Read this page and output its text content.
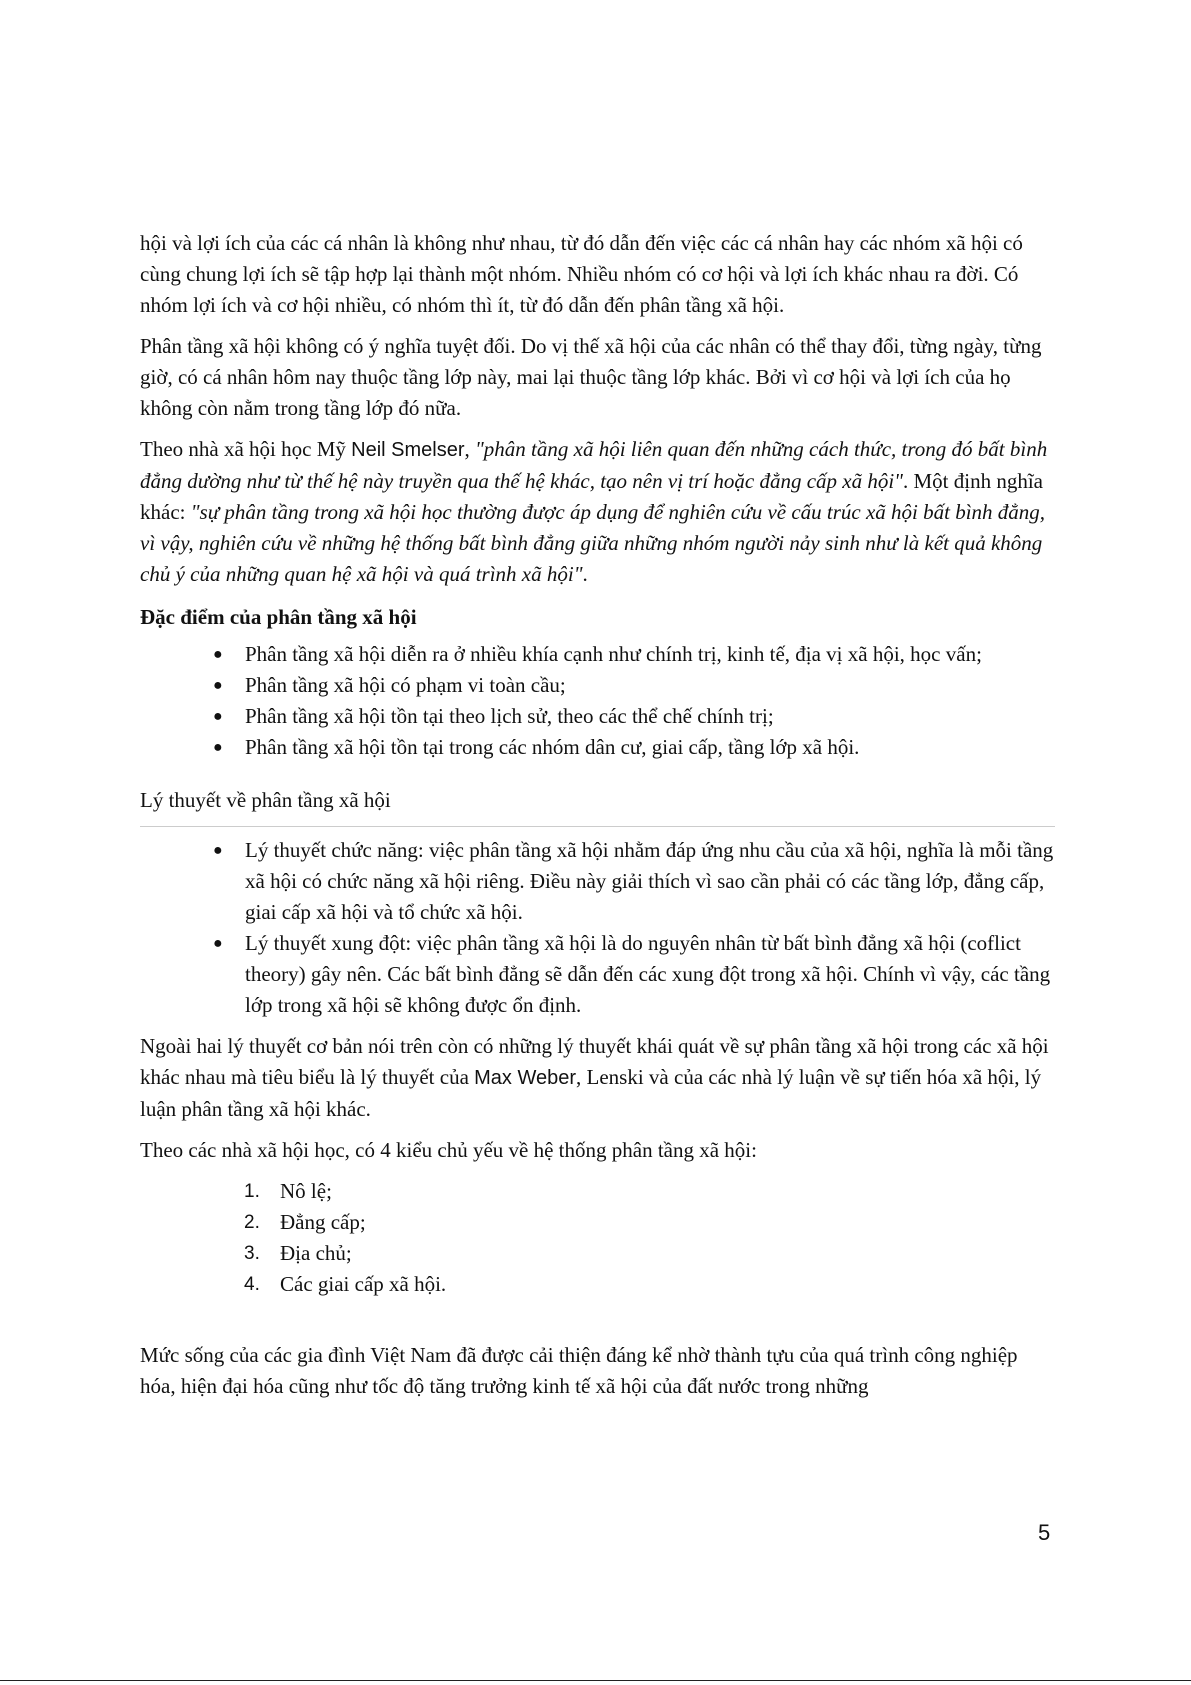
hội và lợi ích của các cá nhân là không như nhau, từ đó dẫn đến việc các cá nhân hay các nhóm xã hội có cùng chung lợi ích sẽ tập hợp lại thành một nhóm. Nhiều nhóm có cơ hội và lợi ích khác nhau ra đời. Có nhóm lợi ích và cơ hội nhiều, có nhóm thì ít, từ đó dẫn đến phân tầng xã hội.

Phân tầng xã hội không có ý nghĩa tuyệt đối. Do vị thế xã hội của các nhân có thể thay đổi, từng ngày, từng giờ, có cá nhân hôm nay thuộc tầng lớp này, mai lại thuộc tầng lớp khác. Bởi vì cơ hội và lợi ích của họ không còn nằm trong tầng lớp đó nữa.

Theo nhà xã hội học Mỹ Neil Smelser, "phân tầng xã hội liên quan đến những cách thức, trong đó bất bình đẳng dường như từ thế hệ này truyền qua thế hệ khác, tạo nên vị trí hoặc đẳng cấp xã hội". Một định nghĩa khác: "sự phân tầng trong xã hội học thường được áp dụng để nghiên cứu về cấu trúc xã hội bất bình đẳng, vì vậy, nghiên cứu về những hệ thống bất bình đẳng giữa những nhóm người nảy sinh như là kết quả không chủ ý của những quan hệ xã hội và quá trình xã hội".

Đặc điểm của phân tầng xã hội
● Phân tầng xã hội diễn ra ở nhiều khía cạnh như chính trị, kinh tế, địa vị xã hội, học vấn;
● Phân tầng xã hội có phạm vi toàn cầu;
● Phân tầng xã hội tồn tại theo lịch sử, theo các thể chế chính trị;
● Phân tầng xã hội tồn tại trong các nhóm dân cư, giai cấp, tầng lớp xã hội.
Lý thuyết về phân tầng xã hội
● Lý thuyết chức năng: việc phân tầng xã hội nhằm đáp ứng nhu cầu của xã hội, nghĩa là mỗi tầng xã hội có chức năng xã hội riêng. Điều này giải thích vì sao cần phải có các tầng lớp, đẳng cấp, giai cấp xã hội và tổ chức xã hội.
● Lý thuyết xung đột: việc phân tầng xã hội là do nguyên nhân từ bất bình đẳng xã hội (coflict theory) gây nên. Các bất bình đẳng sẽ dẫn đến các xung đột trong xã hội. Chính vì vậy, các tầng lớp trong xã hội sẽ không được ổn định.

Ngoài hai lý thuyết cơ bản nói trên còn có những lý thuyết khái quát về sự phân tầng xã hội trong các xã hội khác nhau mà tiêu biểu là lý thuyết của Max Weber, Lenski và của các nhà lý luận về sự tiến hóa xã hội, lý luận phân tầng xã hội khác.

Theo các nhà xã hội học, có 4 kiểu chủ yếu về hệ thống phân tầng xã hội:

1. Nô lệ;
2. Đẳng cấp;
3. Địa chủ;
4. Các giai cấp xã hội.

Mức sống của các gia đình Việt Nam đã được cải thiện đáng kể nhờ thành tựu của quá trình công nghiệp hóa, hiện đại hóa cũng như tốc độ tăng trưởng kinh tế xã hội của đất nước trong những

5
